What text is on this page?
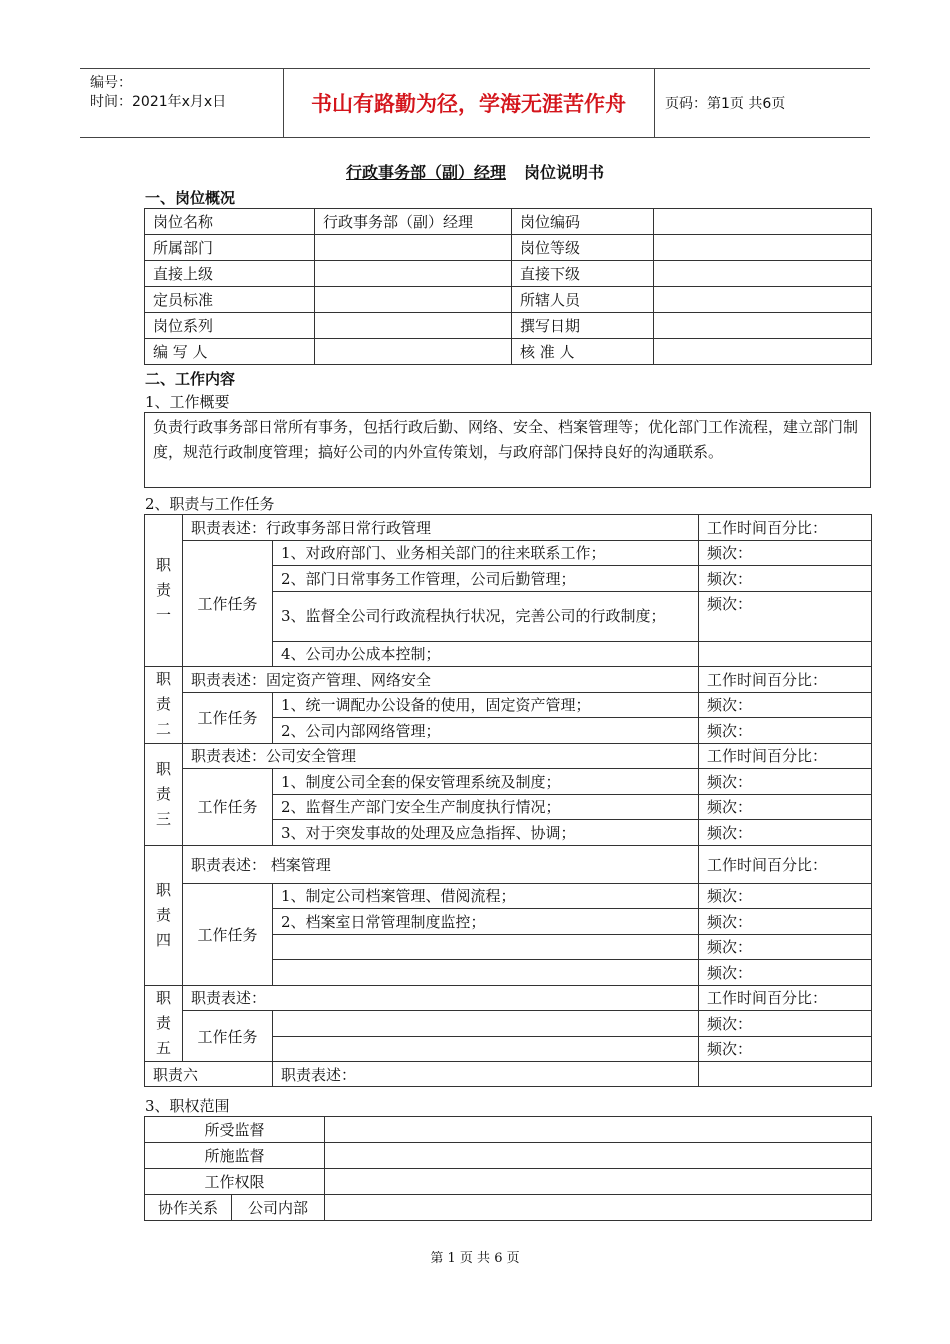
编号：
时间：2021年x月x日	书山有路勤为径，学海无涯苦作舟	页码：第1页 共6页
行政事务部（副）经理 岗位说明书
一、岗位概况
岗位名称	行政事务部（副）经理	岗位编码	
所属部门		岗位等级	
直接上级		直接下级	
定员标准		所辖人员	
岗位系列		撰写日期	
编 写 人		核 准 人	
二、工作内容
1、工作概要
负责行政事务部日常所有事务，包括行政后勤、网络、安全、档案管理等；优化部门工作流程，建立部门制度，规范行政制度管理；搞好公司的内外宣传策划，与政府部门保持良好的沟通联系。
2、职责与工作任务
职责一	职责表述：行政事务部日常行政管理		工作时间百分比：
	工作任务	1、对政府部门、业务相关部门的往来联系工作；	频次：
		2、部门日常事务工作管理，公司后勤管理；	频次：
		3、监督全公司行政流程执行状况，完善公司的行政制度；	频次：
		4、公司办公成本控制；	
职责二	职责表述：固定资产管理、网络安全		工作时间百分比：
	工作任务	1、统一调配办公设备的使用，固定资产管理；	频次：
		2、公司内部网络管理；	频次：
职责三	职责表述：公司安全管理		工作时间百分比：
	工作任务	1、制度公司全套的保安管理系统及制度；	频次：
		2、监督生产部门安全生产制度执行情况；	频次：
		3、对于突发事故的处理及应急指挥、协调；	频次：
职责四	职责表述： 档案管理		工作时间百分比：
	工作任务	1、制定公司档案管理、借阅流程；	频次：
		2、档案室日常管理制度监控；	频次：
			频次：
			频次：
职责五	职责表述：		工作时间百分比：
	工作任务		频次：
			频次：
职责六		职责表述：	
3、职权范围
所受监督		
所施监督		
工作权限		
协作关系	公司内部	
第 1 页 共 6 页
